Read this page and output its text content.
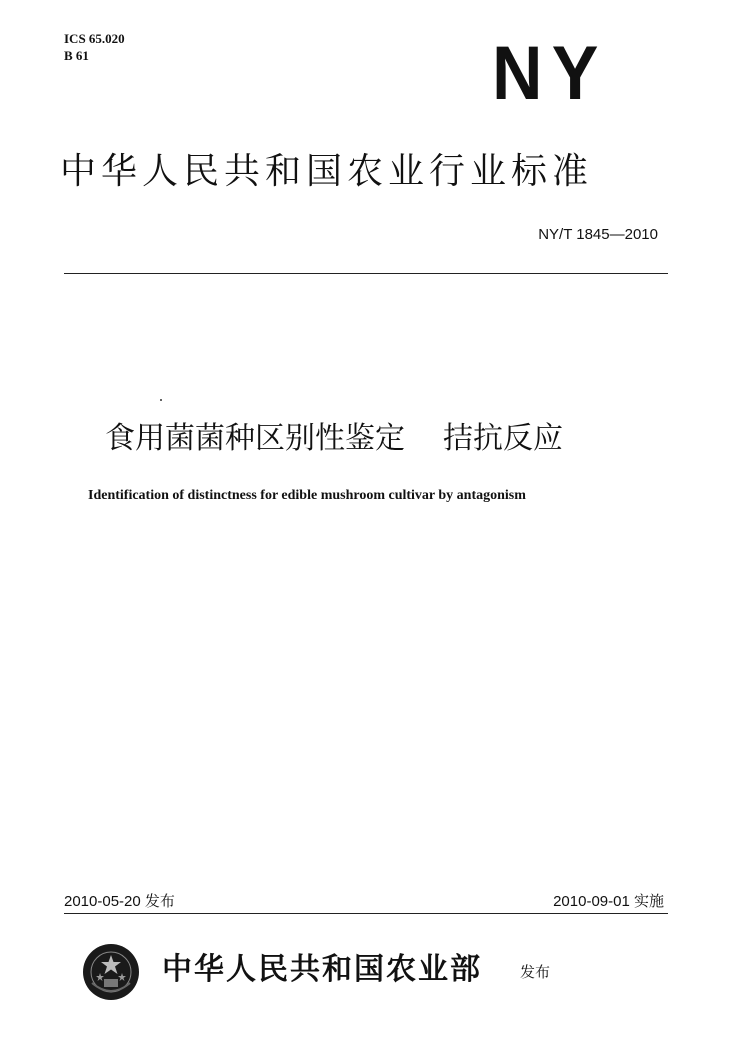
ICS 65.020
B 61	NY
中华人民共和国农业行业标准
NY/T 1845—2010
食用菌菌种区别性鉴定 拮抗反应
Identification of distinctness for edible mushroom cultivar by antagonism
2010-05-20 发布	2010-09-01 实施
中华人民共和国农业部	发布
